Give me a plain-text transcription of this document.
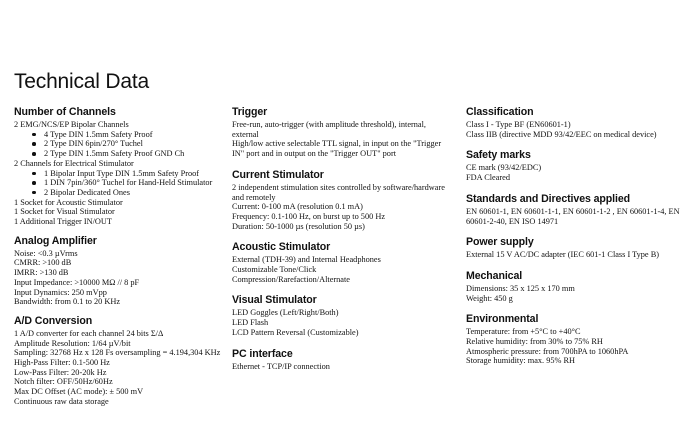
Technical Data
Number of Channels
2 EMG/NCS/EP Bipolar Channels
4 Type DIN 1.5mm Safety Proof
2 Type DIN 6pin/270° Tuchel
2 Type DIN 1.5mm Safety Proof GND Ch
2 Channels for Electrical Stimulator
1 Bipolar Input Type DIN 1.5mm Safety Proof
1 DIN 7pin/360° Tuchel for Hand-Held Stimulator
2 Bipolar Dedicated Ones
1 Socket for Acoustic Stimulator
1 Socket for Visual Stimulator
1 Additional Trigger IN/OUT
Analog Amplifier
Noise: <0.3 µVrms
CMRR: >100 dB
IMRR: >130 dB
Input Impedance: >10000 MΩ // 8 pF
Input Dynamics: 250 mVpp
Bandwidth: from 0.1 to 20 KHz
A/D Conversion
1 A/D converter for each channel 24 bits Σ/Δ
Amplitude Resolution: 1/64 µV/bit
Sampling: 32768 Hz x 128 Fs oversampling = 4.194,304 KHz
High-Pass Filter: 0.1-500 Hz
Low-Pass Filter: 20-20k Hz
Notch filter: OFF/50Hz/60Hz
Max DC Offset (AC mode): ± 500 mV
Continuous raw data storage
Trigger
Free-run, auto-trigger (with amplitude threshold), internal, external
High/low active selectable TTL signal, in input on the "Trigger IN" port and in output on the "Trigger OUT" port
Current Stimulator
2 independent stimulation sites controlled by software/hardware and remotely
Current: 0-100 mA (resolution 0.1 mA)
Frequency: 0.1-100 Hz, on burst up to 500 Hz
Duration: 50-1000 µs (resolution 50 µs)
Acoustic Stimulator
External (TDH-39) and Internal Headphones
Customizable Tone/Click
Compression/Rarefaction/Alternate
Visual Stimulator
LED Goggles (Left/Right/Both)
LED Flash
LCD Pattern Reversal (Customizable)
PC interface
Ethernet - TCP/IP connection
Classification
Class I - Type BF (EN60601-1)
Class IIB (directive MDD 93/42/EEC on medical device)
Safety marks
CE mark (93/42/EDC)
FDA Cleared
Standards and Directives applied
EN 60601-1, EN 60601-1-1, EN 60601-1-2 , EN 60601-1-4, EN 60601-2-40, EN ISO 14971
Power supply
External 15 V AC/DC adapter (IEC 601-1 Class I Type B)
Mechanical
Dimensions: 35 x 125 x 170 mm
Weight: 450 g
Environmental
Temperature: from +5°C to +40°C
Relative humidity: from 30% to 75% RH
Atmospheric pressure: from 700hPA to 1060hPA
Storage humidity: max. 95% RH
